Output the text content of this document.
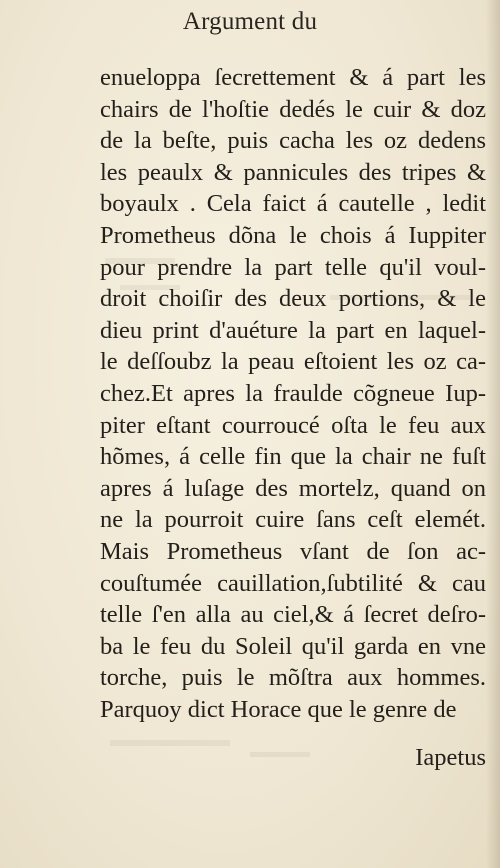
Argument du
enueloppa ſecrettement & á part les
chairs de l'hoſtie dedés le cuir & doz
de la beſte, puis cacha les oz dedens
les peaulx & pannicules des tripes &
boyaulx . Cela faict á cautelle , ledit
Prometheus dõna le chois á Iuppiter
pour prendre la part telle qu'il voul-
droit choiſir des deux portions, & le
dieu print d'auéture la part en laquel-
le deſſoubz la peau eſtoient les oz ca-
chez.Et apres la fraulde cõgneue Iup-
piter eſtant courroucé oſta le feu aux
hõmes, á celle fin que la chair ne fuſt
apres á luſage des mortelz, quand on
ne la pourroit cuire ſans ceſt elemét.
Mais Prometheus vſant de ſon ac-
couſtumée cauillation,ſubtilité & cau
telle ſ'en alla au ciel,& á ſecret deſro-
ba le feu du Soleil qu'il garda en vne
torche, puis le mõſtra aux hommes.
Parquoy dict Horace que le genre de
Iapetus
